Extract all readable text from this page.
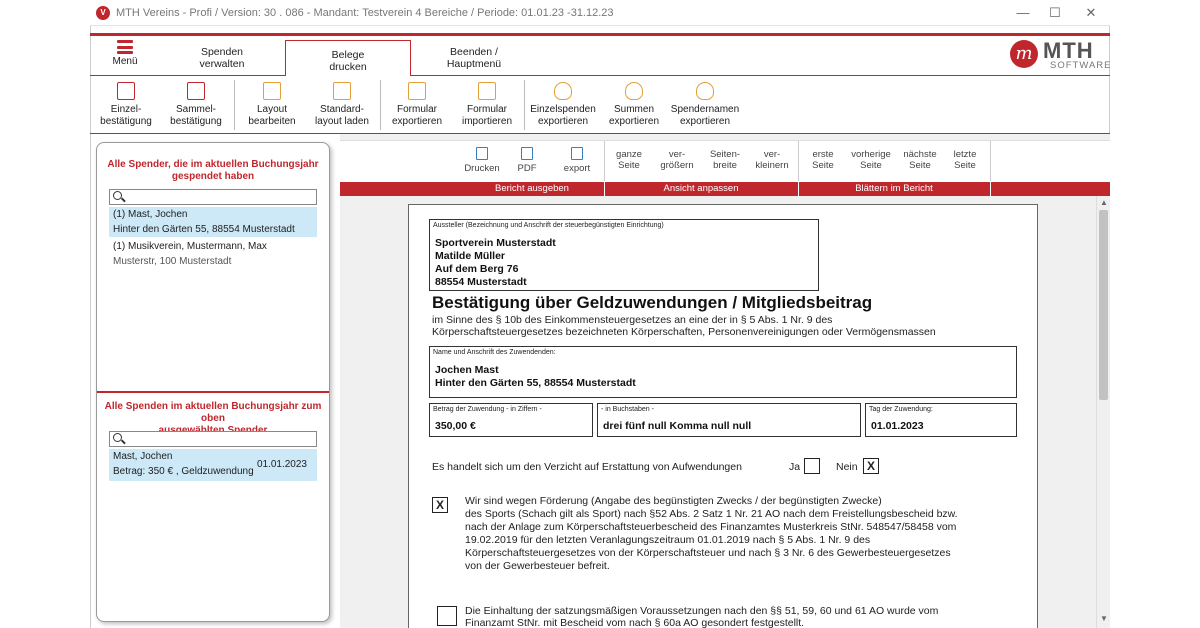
V MTH Vereins - Profi / Version: 30 . 086 - Mandant: Testverein 4 Bereiche / Periode: 01.01.23 -31.12.23	—	☐	✕
Menü
Spenden
verwalten
Belege
drucken
Beenden /
Hauptmenü	m MTH
SOFTWARE
Einzel-
bestätigung
Sammel-
bestätigung
Layout
bearbeiten
Standard-
layout laden
Formular
exportieren
Formular
importieren
Einzelspenden
exportieren
Summen
exportieren
Spendernamen
exportieren
Alle Spender, die im aktuellen Buchungsjahr
gespendet haben
(1) Mast, Jochen
Hinter den Gärten 55, 88554 Musterstadt
(1) Musikverein, Mustermann, Max
Musterstr, 100 Musterstadt
Alle Spenden im aktuellen Buchungsjahr zum oben
Mast, Jochen
Betrag: 350 € , Geldzuwendung
01.01.2023
Drucken	PDF	export
ganze
Seite
ver-
größern
Seiten-
breite
ver-
kleinern
erste
Seite
vorherige
Seite
nächste
Seite
letzte
Seite
Bericht ausgeben	Ansicht anpassen	Blättern im Bericht
▲
▼
Aussteller (Bezeichnung und Anschrift der steuerbegünstigten Einrichtung)
Sportverein Musterstadt
Matilde Müller
Auf dem Berg 76
88554 Musterstadt
Bestätigung über Geldzuwendungen / Mitgliedsbeitrag
im Sinne des § 10b des Einkommensteuergesetzes an eine der in § 5 Abs. 1 Nr. 9 des
Körperschaftsteuergesetzes bezeichneten Körperschaften, Personenvereinigungen oder Vermögensmassen
Name und Anschrift des Zuwendenden:
Jochen Mast
Hinter den Gärten 55, 88554 Musterstadt
Betrag der Zuwendung - in Ziffern -
350,00 €
- in Buchstaben -
drei fünf null Komma null null
Tag der Zuwendung:
01.01.2023
Es handelt sich um den Verzicht auf Erstattung von Aufwendungen	Ja	Nein X
X	Wir sind wegen Förderung (Angabe des begünstigten Zwecks / der begünstigten Zwecke)
des Sports (Schach gilt als Sport) nach §52 Abs. 2 Satz 1 Nr. 21 AO nach dem Freistellungsbescheid bzw.
nach der Anlage zum Körperschaftsteuerbescheid des Finanzamtes Musterkreis StNr. 548547/58458 vom
19.02.2019 für den letzten Veranlagungszeitraum 01.01.2019 nach § 5 Abs. 1 Nr. 9 des
Körperschaftsteuergesetzes von der Körperschaftsteuer und nach § 3 Nr. 6 des Gewerbesteuergesetzes
von der Gewerbesteuer befreit.
Die Einhaltung der satzungsmäßigen Voraussetzungen nach den §§ 51, 59, 60 und 61 AO wurde vom
Finanzamt StNr. mit Bescheid vom nach § 60a AO gesondert festgestellt.
